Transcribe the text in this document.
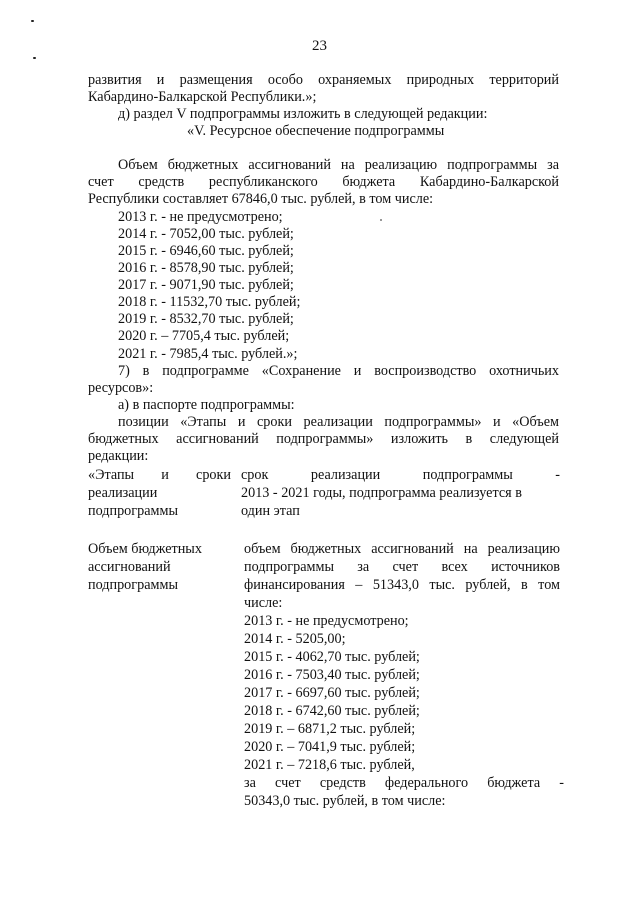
23
развития и размещения особо охраняемых природных территорий
Кабардино-Балкарской Республики.»;
д) раздел V подпрограммы изложить в следующей редакции:
«V. Ресурсное обеспечение подпрограммы
Объем бюджетных ассигнований на реализацию подпрограммы за
счет средств республиканского бюджета Кабардино-Балкарской
Республики составляет 67846,0 тыс. рублей, в том числе:
2013 г. - не предусмотрено;
2014 г. - 7052,00 тыс. рублей;
2015 г. - 6946,60 тыс. рублей;
2016 г. - 8578,90 тыс. рублей;
2017 г. - 9071,90 тыс. рублей;
2018 г. - 11532,70 тыс. рублей;
2019 г. - 8532,70 тыс. рублей;
2020 г. – 7705,4 тыс. рублей;
2021 г. - 7985,4 тыс. рублей.»;
7) в подпрограмме «Сохранение и воспроизводство охотничьих
ресурсов»:
а) в паспорте подпрограммы:
позиции «Этапы и сроки реализации подпрограммы» и «Объем
бюджетных ассигнований подпрограммы» изложить в следующей
редакции:
«Этапы и сроки
реализации
подпрограммы
срок реализации подпрограммы -
2013 - 2021 годы, подпрограмма реализуется в
один этап
Объем бюджетных
ассигнований
подпрограммы
объем бюджетных ассигнований на реализацию
подпрограммы за счет всех источников
финансирования – 51343,0 тыс. рублей, в том
числе:
2013 г. - не предусмотрено;
2014 г. - 5205,00;
2015 г. - 4062,70 тыс. рублей;
2016 г. - 7503,40 тыс. рублей;
2017 г. - 6697,60 тыс. рублей;
2018 г. - 6742,60 тыс. рублей;
2019 г. – 6871,2 тыс. рублей;
2020 г. – 7041,9 тыс. рублей;
2021 г. – 7218,6 тыс. рублей,
за счет средств федерального бюджета -
50343,0 тыс. рублей, в том числе:
